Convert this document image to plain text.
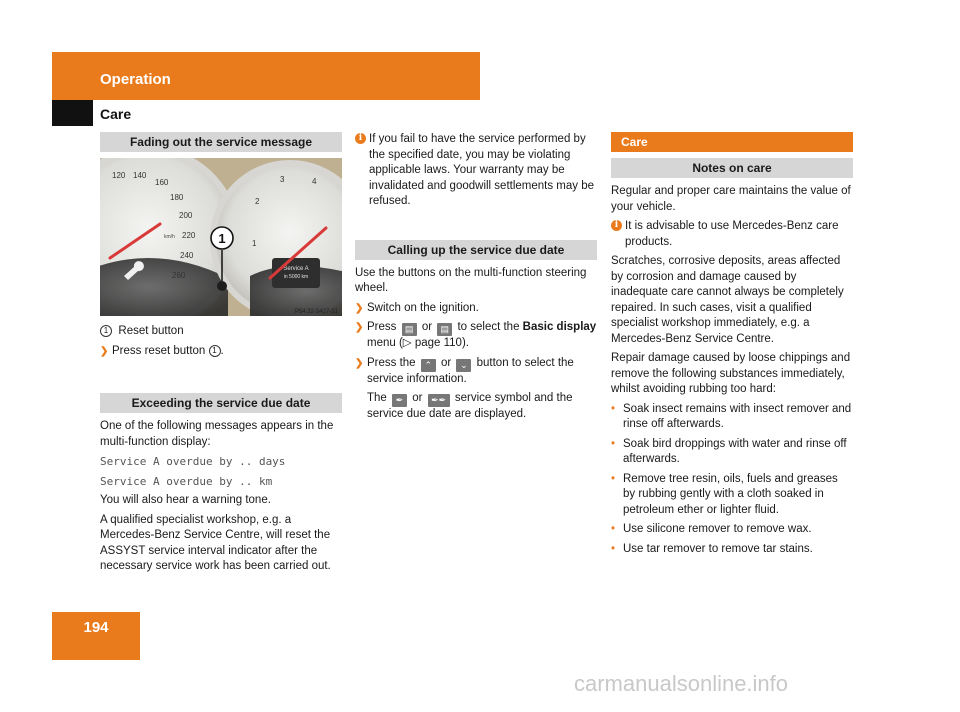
Operation
Care
Fading out the service message
Service A
in 5000 km
120 140
160
180
200
220
240
260
1
2
3	4
km/h	1
P54.32-5427-31

1 Reset button

❯ Press reset button 1 .
Exceeding the service due date

One of the following messages appears in the multi-function display:

Service A overdue by .. days

Service A overdue by .. km

You will also hear a warning tone.

A qualified specialist workshop, e.g. a Mercedes-Benz Service Centre, will reset the ASSYST service interval indicator after the necessary service work has been carried out.

i If you fail to have the service performed by the specified date, you may be violating applicable laws. Your warranty may be invalidated and goodwill settlements may be refused.
Calling up the service due date

Use the buttons on the multi-function steering wheel.

❯ Switch on the ignition.
❯ Press ▤ or ▤ to select the Basic display menu (▷ page 110).
❯ Press the ⌃ or ⌄ button to select the service information.

The ✒ or ✒✒ service symbol and the service due date are displayed.

Care
Notes on care

Regular and proper care maintains the value of your vehicle.

i It is advisable to use Mercedes-Benz care products.

Scratches, corrosive deposits, areas affected by corrosion and damage caused by inadequate care cannot always be completely repaired. In such cases, visit a qualified specialist workshop immediately, e.g. a Mercedes-Benz Service Centre.

Repair damage caused by loose chippings and remove the following substances immediately, whilst avoiding rubbing too hard:

• Soak insect remains with insect remover and rinse off afterwards.
• Soak bird droppings with water and rinse off afterwards.
• Remove tree resin, oils, fuels and greases by rubbing gently with a cloth soaked in petroleum ether or lighter fluid.
• Use silicone remover to remove wax.
• Use tar remover to remove tar stains.
194
carmanualsonline.info
